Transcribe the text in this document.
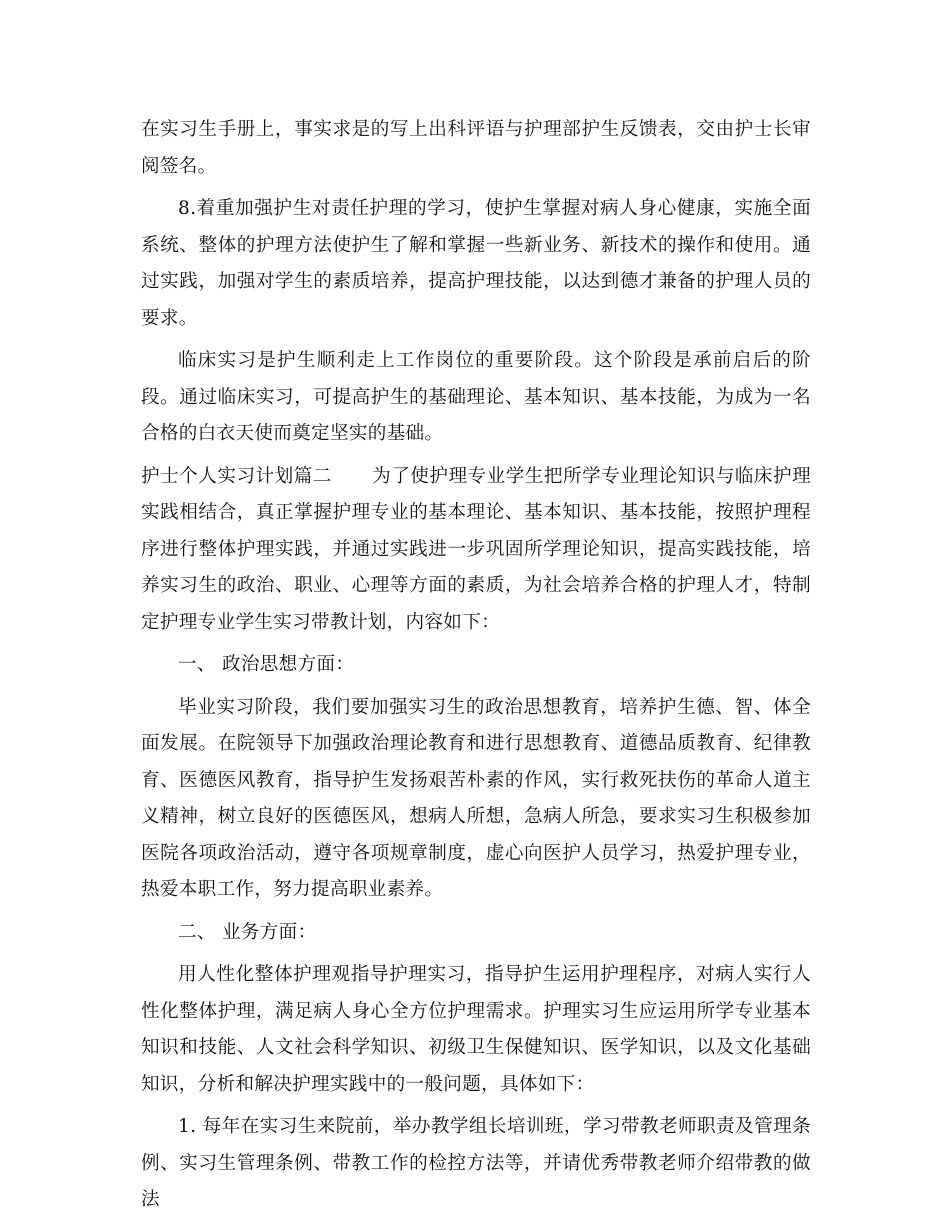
在实习生手册上，事实求是的写上出科评语与护理部护生反馈表，交由护士长审阅签名。

8.着重加强护生对责任护理的学习，使护生掌握对病人身心健康，实施全面系统、整体的护理方法使护生了解和掌握一些新业务、新技术的操作和使用。通过实践，加强对学生的素质培养，提高护理技能，以达到德才兼备的护理人员的要求。

临床实习是护生顺利走上工作岗位的重要阶段。这个阶段是承前启后的阶段。通过临床实习，可提高护生的基础理论、基本知识、基本技能，为成为一名合格的白衣天使而奠定坚实的基础。

护士个人实习计划篇二 为了使护理专业学生把所学专业理论知识与临床护理实践相结合，真正掌握护理专业的基本理论、基本知识、基本技能，按照护理程序进行整体护理实践，并通过实践进一步巩固所学理论知识，提高实践技能，培养实习生的政治、职业、心理等方面的素质，为社会培养合格的护理人才，特制定护理专业学生实习带教计划，内容如下：

一、 政治思想方面：

毕业实习阶段，我们要加强实习生的政治思想教育，培养护生德、智、体全面发展。在院领导下加强政治理论教育和进行思想教育、道德品质教育、纪律教育、医德医风教育，指导护生发扬艰苦朴素的作风，实行救死扶伤的革命人道主义精神，树立良好的医德医风，想病人所想，急病人所急，要求实习生积极参加医院各项政治活动，遵守各项规章制度，虚心向医护人员学习，热爱护理专业，热爱本职工作，努力提高职业素养。

二、 业务方面：

用人性化整体护理观指导护理实习，指导护生运用护理程序，对病人实行人性化整体护理，满足病人身心全方位护理需求。护理实习生应运用所学专业基本知识和技能、人文社会科学知识、初级卫生保健知识、医学知识，以及文化基础知识，分析和解决护理实践中的一般问题，具体如下：

1. 每年在实习生来院前，举办教学组长培训班，学习带教老师职责及管理条例、实习生管理条例、带教工作的检控方法等，并请优秀带教老师介绍带教的做法
